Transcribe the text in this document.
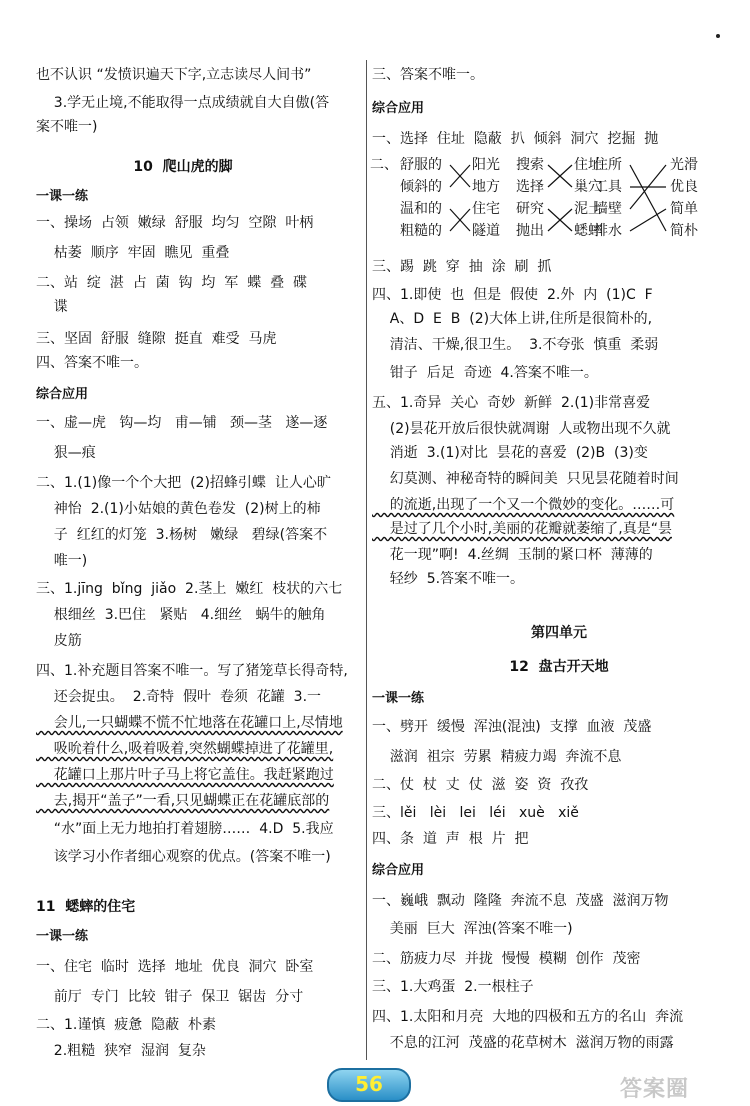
也不认识 “发愤识遍天下字,立志读尽人间书”
3.学无止境,不能取得一点成绩就自大自傲(答
案不唯一)
10  爬山虎的脚
一课一练
一、操场  占领  嫩绿  舒服  均匀  空隙  叶柄
枯萎  顺序  牢固  瞧见  重叠
二、站  绽  湛  占  菌  钩  均  军  蝶  叠  碟
谍
三、坚固  舒服  缝隙  挺直  难受  马虎
四、答案不唯一。
综合应用
一、虚—虎   钩—均   甫—铺   颈—茎   遂—逐
狠—痕
二、1.(1)像一个个大把  (2)招蜂引蝶  让人心旷
神怡  2.(1)小姑娘的黄色卷发  (2)树上的柿
子  红红的灯笼  3.杨树   嫩绿   碧绿(答案不
唯一)
三、1.jīng  bǐng  jiǎo  2.茎上  嫩红  枝状的六七
根细丝  3.巴住   紧贴   4.细丝   蜗牛的触角
皮筋
四、1.补充题目答案不唯一。写了猪笼草长得奇特,
还会捉虫。  2.奇特  假叶  卷须  花罐  3.一
会儿,一只蝴蝶不慌不忙地落在花罐口上,尽情地
吸吮着什么,吸着吸着,突然蝴蝶掉进了花罐里,
花罐口上那片叶子马上将它盖住。我赶紧跑过
去,揭开“盖子”一看,只见蝴蝶正在花罐底部的
“水”面上无力地拍打着翅膀……  4.D  5.我应
该学习小作者细心观察的优点。(答案不唯一)
11  蟋蟀的住宅
一课一练
一、住宅  临时  选择  地址  优良  洞穴  卧室
前厅  专门  比较  钳子  保卫  锯齿  分寸
二、1.谨慎  疲惫  隐蔽  朴素
2.粗糙  狭窄  湿润  复杂
三、答案不唯一。
综合应用
一、选择  住址  隐蔽  扒  倾斜  洞穴  挖掘  抛
三、踢  跳  穿  抽  涂  刷  抓
四、1.即使  也  但是  假使  2.外  内  (1)C  F
A、D  E  B  (2)大体上讲,住所是很简朴的,
清洁、干燥,很卫生。  3.不夸张  慎重  柔弱
钳子  后足  奇迹  4.答案不唯一。
五、1.奇异  关心  奇妙  新鲜  2.(1)非常喜爱
(2)昙花开放后很快就凋谢  人或物出现不久就
消逝  3.(1)对比  昙花的喜爱  (2)B  (3)变
幻莫测、神秘奇特的瞬间美  只见昙花随着时间
的流逝,出现了一个又一个微妙的变化。……可
是过了几个小时,美丽的花瓣就萎缩了,真是“昙
花一现”啊!  4.丝绸  玉制的紧口杯  薄薄的
轻纱  5.答案不唯一。
第四单元
12  盘古开天地
一课一练
一、劈开  缓慢  浑浊(混浊)  支撑  血液  茂盛
滋润  祖宗  劳累  精疲力竭  奔流不息
二、仗  杖  丈  仗  滋  姿  资  孜孜
三、lěi   lèi   lei   léi   xuè   xiě
四、条  道  声  根  片  把
综合应用
一、巍峨  飘动  隆隆  奔流不息  茂盛  滋润万物
美丽  巨大  浑浊(答案不唯一)
二、筋疲力尽  并拢  慢慢  模糊  创作  茂密
三、1.大鸡蛋  2.一根柱子
四、1.太阳和月亮  大地的四极和五方的名山  奔流
不息的江河  茂盛的花草树木  滋润万物的雨露
二、 舒服的
倾斜的
温和的
粗糙的
阳光
地方
住宅
隧道
搜索
选择
研究
抛出
住址
巢穴
泥土
蟋蟀
住所
工具
墙壁
排水
光滑
优良
简单
简朴
56	答案圈
